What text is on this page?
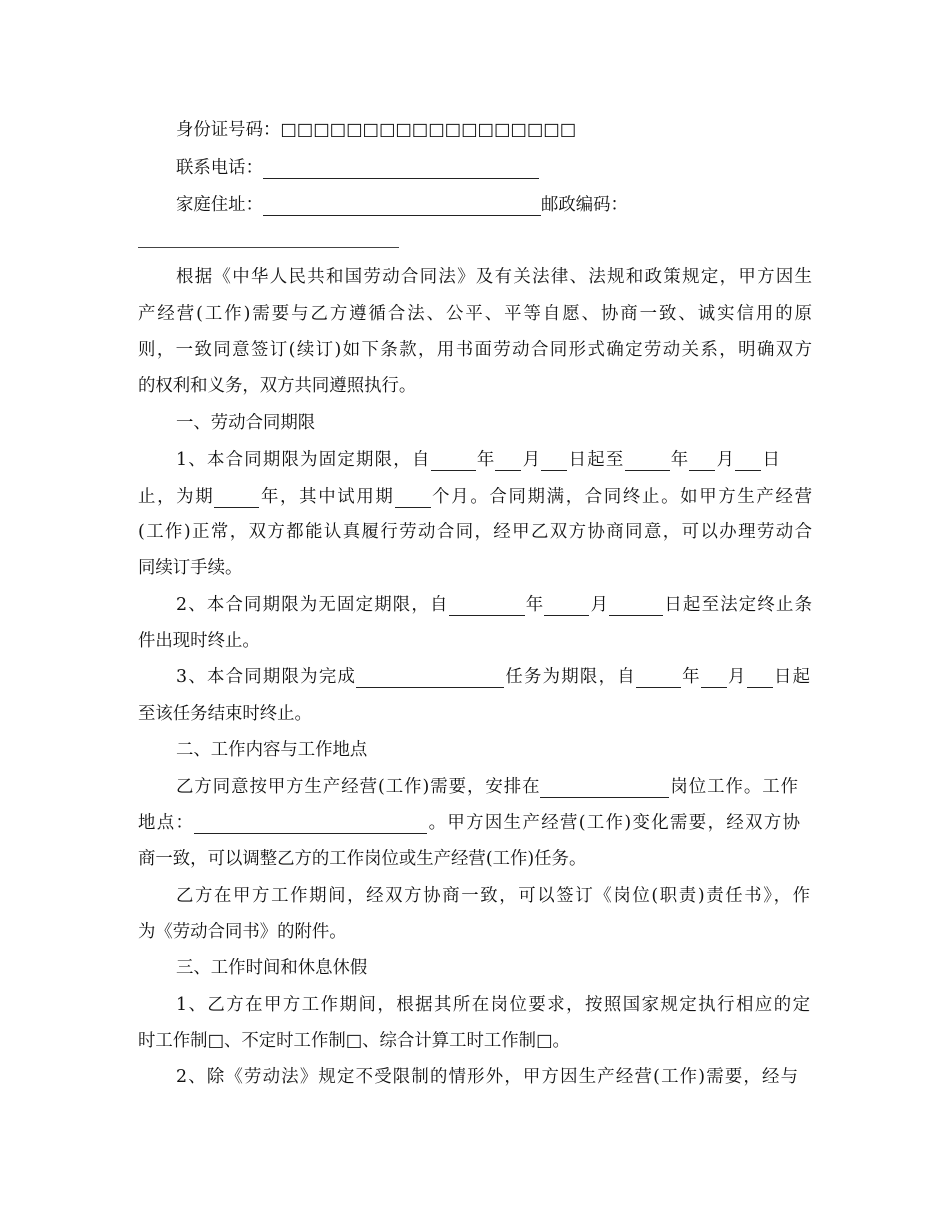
身份证号码：□□□□□□□□□□□□□□□□□□
联系电话：
家庭住址：	邮政编码：
根据《中华人民共和国劳动合同法》及有关法律、法规和政策规定，甲方因生
产经营(工作)需要与乙方遵循合法、公平、平等自愿、协商一致、诚实信用的原
则，一致同意签订(续订)如下条款，用书面劳动合同形式确定劳动关系，明确双方
的权利和义务，双方共同遵照执行。
一、劳动合同期限
1、本合同期限为固定期限，自	年 月 日起至	年 月 日
止，为期	年，其中试用期 个月。合同期满，合同终止。如甲方生产经营
(工作)正常，双方都能认真履行劳动合同，经甲乙双方协商同意，可以办理劳动合
同续订手续。
2、本合同期限为无固定期限，自	年	月	日起至法定终止条
件出现时终止。
3、本合同期限为完成	任务为期限，自	年 月 日起
至该任务结束时终止。
二、工作内容与工作地点
乙方同意按甲方生产经营(工作)需要，安排在	岗位工作。工作
地点：	。甲方因生产经营(工作)变化需要，经双方协
商一致，可以调整乙方的工作岗位或生产经营(工作)任务。
乙方在甲方工作期间，经双方协商一致，可以签订《岗位(职责)责任书》，作
为《劳动合同书》的附件。
三、工作时间和休息休假
1、乙方在甲方工作期间，根据其所在岗位要求，按照国家规定执行相应的定
时工作制□、不定时工作制□、综合计算工时工作制□。
2、除《劳动法》规定不受限制的情形外，甲方因生产经营(工作)需要，经与
